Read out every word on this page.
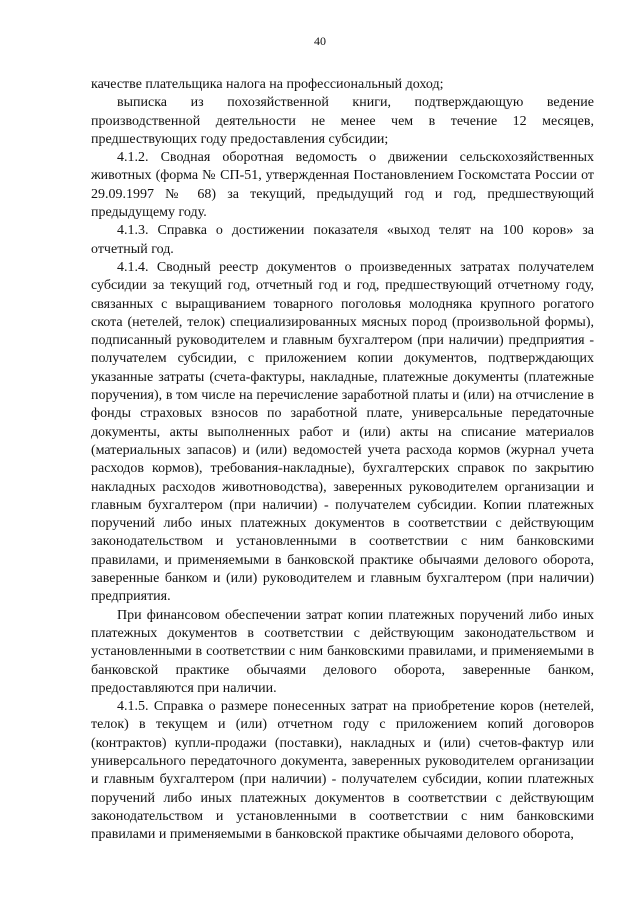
40

качестве плательщика налога на профессиональный доход;

выписка из похозяйственной книги, подтверждающую ведение производственной деятельности не менее чем в течение 12 месяцев, предшествующих году предоставления субсидии;

4.1.2. Сводная оборотная ведомость о движении сельскохозяйственных животных (форма № СП-51, утвержденная Постановлением Госкомстата России от 29.09.1997 № 68) за текущий, предыдущий год и год, предшествующий предыдущему году.

4.1.3. Справка о достижении показателя «выход телят на 100 коров» за отчетный год.

4.1.4. Сводный реестр документов о произведенных затратах получателем субсидии за текущий год, отчетный год и год, предшествующий отчетному году, связанных с выращиванием товарного поголовья молодняка крупного рогатого скота (нетелей, телок) специализированных мясных пород (произвольной формы), подписанный руководителем и главным бухгалтером (при наличии) предприятия - получателем субсидии, с приложением копии документов, подтверждающих указанные затраты (счета-фактуры, накладные, платежные документы (платежные поручения), в том числе на перечисление заработной платы и (или) на отчисление в фонды страховых взносов по заработной плате, универсальные передаточные документы, акты выполненных работ и (или) акты на списание материалов (материальных запасов) и (или) ведомостей учета расхода кормов (журнал учета расходов кормов), требования-накладные), бухгалтерских справок по закрытию накладных расходов животноводства), заверенных руководителем организации и главным бухгалтером (при наличии) - получателем субсидии. Копии платежных поручений либо иных платежных документов в соответствии с действующим законодательством и установленными в соответствии с ним банковскими правилами, и применяемыми в банковской практике обычаями делового оборота, заверенные банком и (или) руководителем и главным бухгалтером (при наличии) предприятия.

При финансовом обеспечении затрат копии платежных поручений либо иных платежных документов в соответствии с действующим законодательством и установленными в соответствии с ним банковскими правилами, и применяемыми в банковской практике обычаями делового оборота, заверенные банком, предоставляются при наличии.

4.1.5. Справка о размере понесенных затрат на приобретение коров (нетелей, телок) в текущем и (или) отчетном году с приложением копий договоров (контрактов) купли-продажи (поставки), накладных и (или) счетов-фактур или универсального передаточного документа, заверенных руководителем организации и главным бухгалтером (при наличии) - получателем субсидии, копии платежных поручений либо иных платежных документов в соответствии с действующим законодательством и установленными в соответствии с ним банковскими правилами и применяемыми в банковской практике обычаями делового оборота,
